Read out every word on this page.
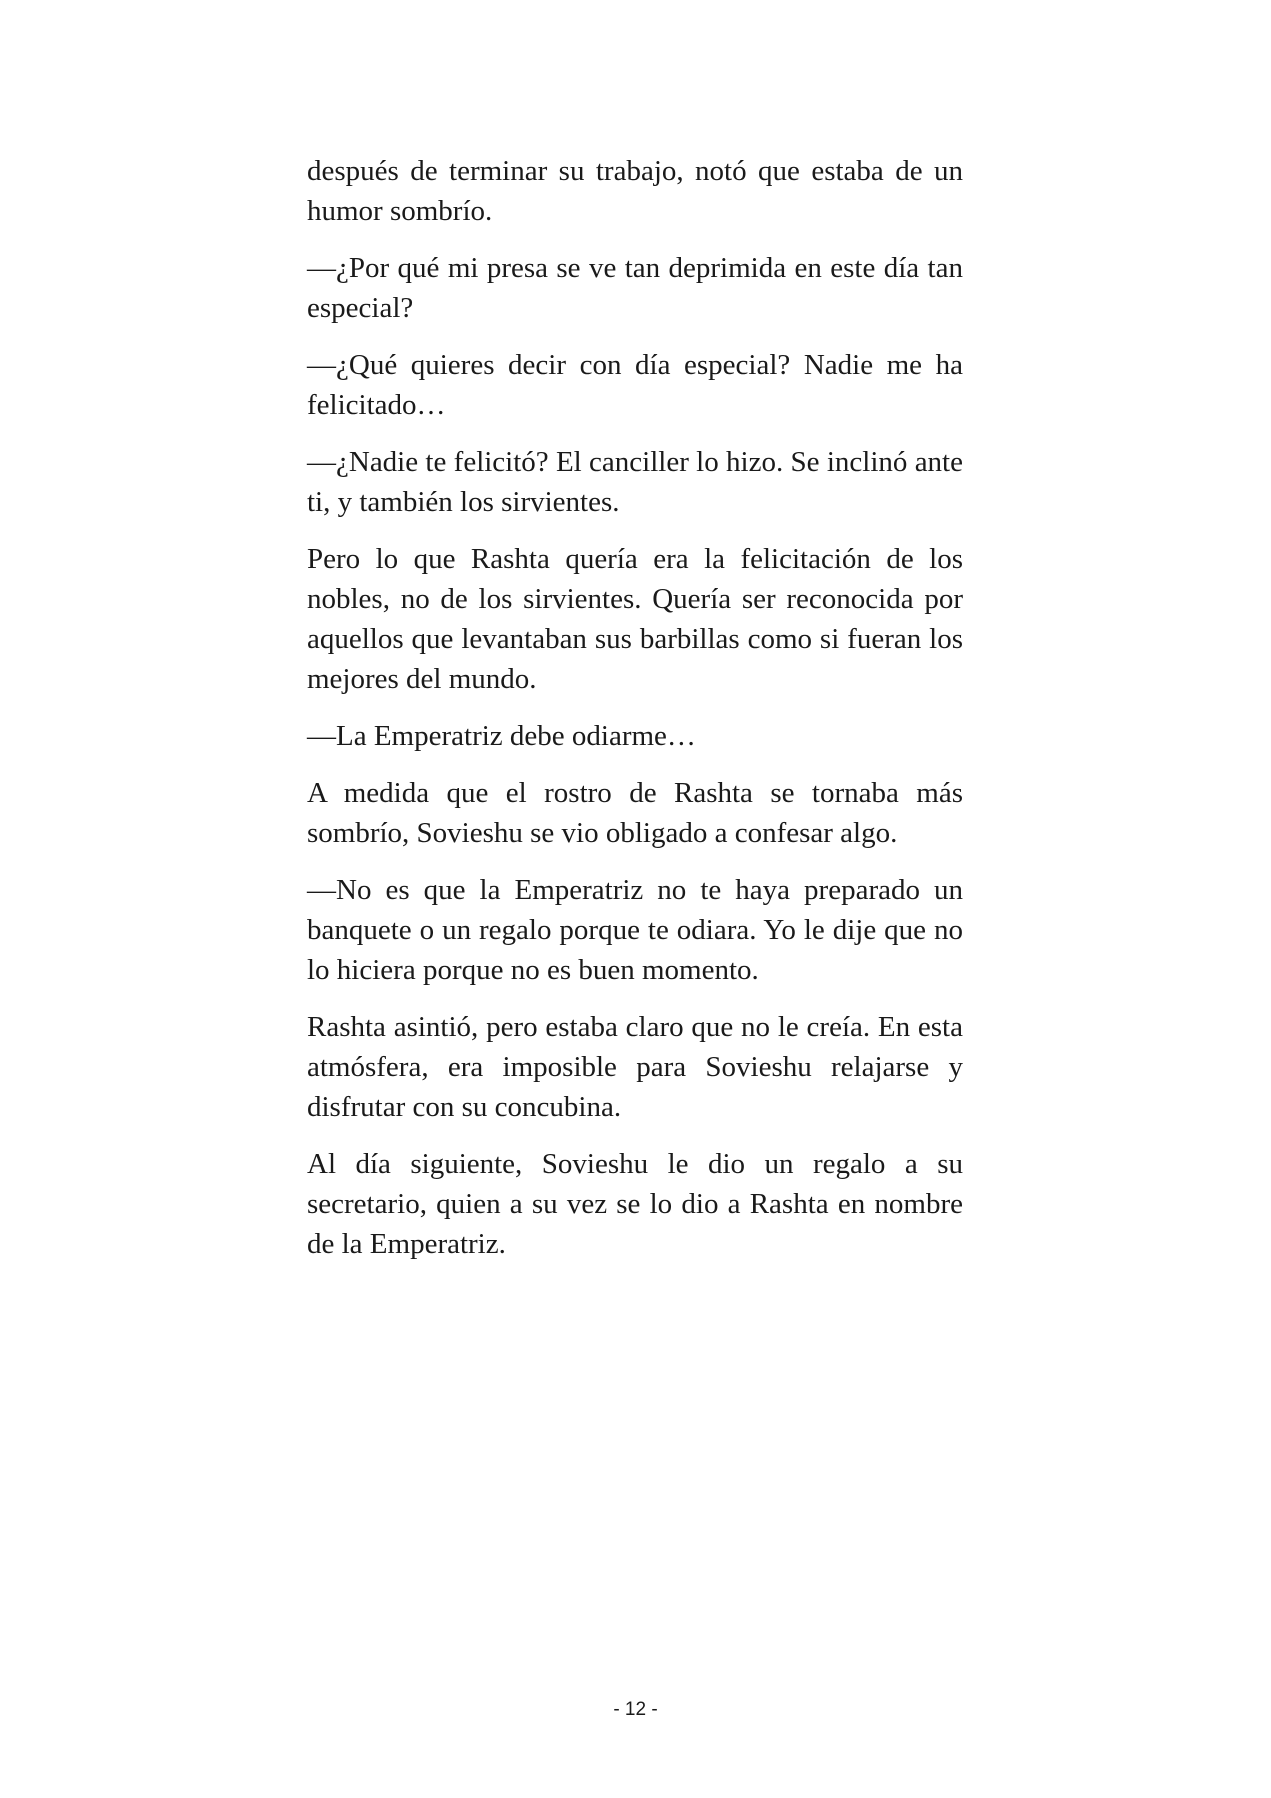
después de terminar su trabajo, notó que estaba de un humor sombrío.

—¿Por qué mi presa se ve tan deprimida en este día tan especial?

—¿Qué quieres decir con día especial? Nadie me ha felicitado…

—¿Nadie te felicitó? El canciller lo hizo. Se inclinó ante ti, y también los sirvientes.

Pero lo que Rashta quería era la felicitación de los nobles, no de los sirvientes. Quería ser reconocida por aquellos que levantaban sus barbillas como si fueran los mejores del mundo.

—La Emperatriz debe odiarme…

A medida que el rostro de Rashta se tornaba más sombrío, Sovieshu se vio obligado a confesar algo.

—No es que la Emperatriz no te haya preparado un banquete o un regalo porque te odiara. Yo le dije que no lo hiciera porque no es buen momento.

Rashta asintió, pero estaba claro que no le creía. En esta atmósfera, era imposible para Sovieshu relajarse y disfrutar con su concubina.

Al día siguiente, Sovieshu le dio un regalo a su secretario, quien a su vez se lo dio a Rashta en nombre de la Emperatriz.

- 12 -
